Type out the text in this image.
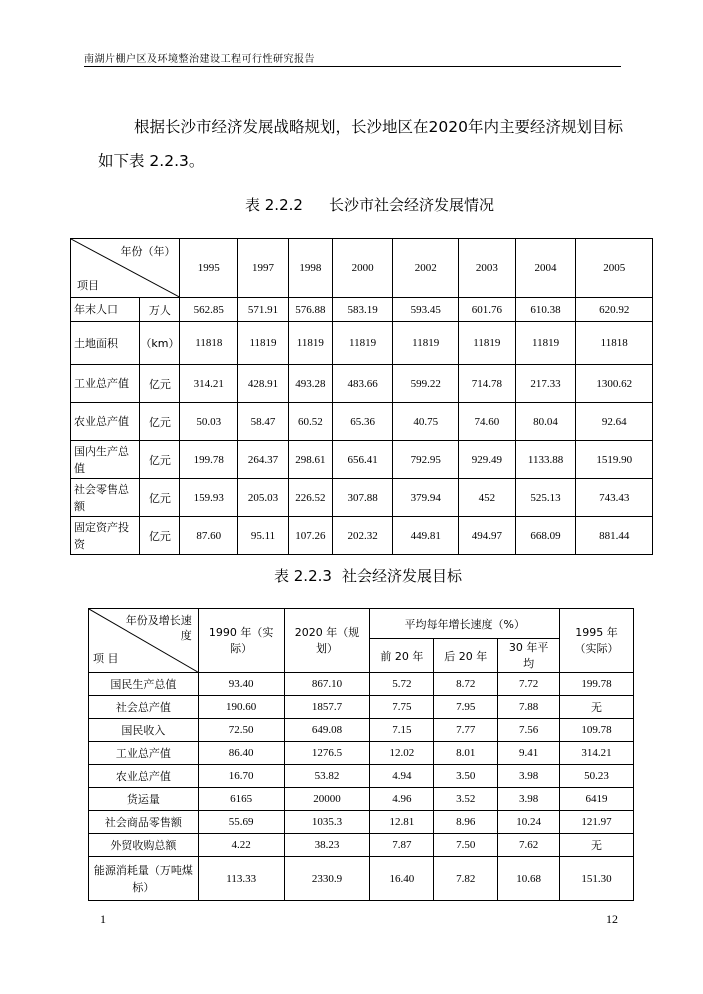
南湖片棚户区及环境整治建设工程可行性研究报告
根据长沙市经济发展战略规划，长沙地区在2020年内主要经济规划目标如下表 2.2.3。
表 2.2.2 长沙市社会经济发展情况
年份（年）
项目		1995	1997	1998	2000	2002	2003	2004	2005
年末人口	万人	562.85	571.91	576.88	583.19	593.45	601.76	610.38	620.92
土地面积	（km）	11818	11819	11819	11819	11819	11819	11819	11818
工业总产值	亿元	314.21	428.91	493.28	483.66	599.22	714.78	217.33	1300.62
农业总产值	亿元	50.03	58.47	60.52	65.36	40.75	74.60	80.04	92.64
国内生产总值	亿元	199.78	264.37	298.61	656.41	792.95	929.49	1133.88	1519.90
社会零售总额	亿元	159.93	205.03	226.52	307.88	379.94	452	525.13	743.43
固定资产投资	亿元	87.60	95.11	107.26	202.32	449.81	494.97	668.09	881.44
表 2.2.3 社会经济发展目标
年份及增长速度
项 目	1990 年（实际）	2020 年（规划）	平均每年增长速度（%）			1995 年（实际）
			前 20 年	后 20 年	30 年平均	
国民生产总值	93.40	867.10	5.72	8.72	7.72	199.78
社会总产值	190.60	1857.7	7.75	7.95	7.88	无
国民收入	72.50	649.08	7.15	7.77	7.56	109.78
工业总产值	86.40	1276.5	12.02	8.01	9.41	314.21
农业总产值	16.70	53.82	4.94	3.50	3.98	50.23
货运量	6165	20000	4.96	3.52	3.98	6419
社会商品零售额	55.69	1035.3	12.81	8.96	10.24	121.97
外贸收购总额	4.22	38.23	7.87	7.50	7.62	无
能源消耗量（万吨煤标）	113.33	2330.9	16.40	7.82	10.68	151.30
1	12
